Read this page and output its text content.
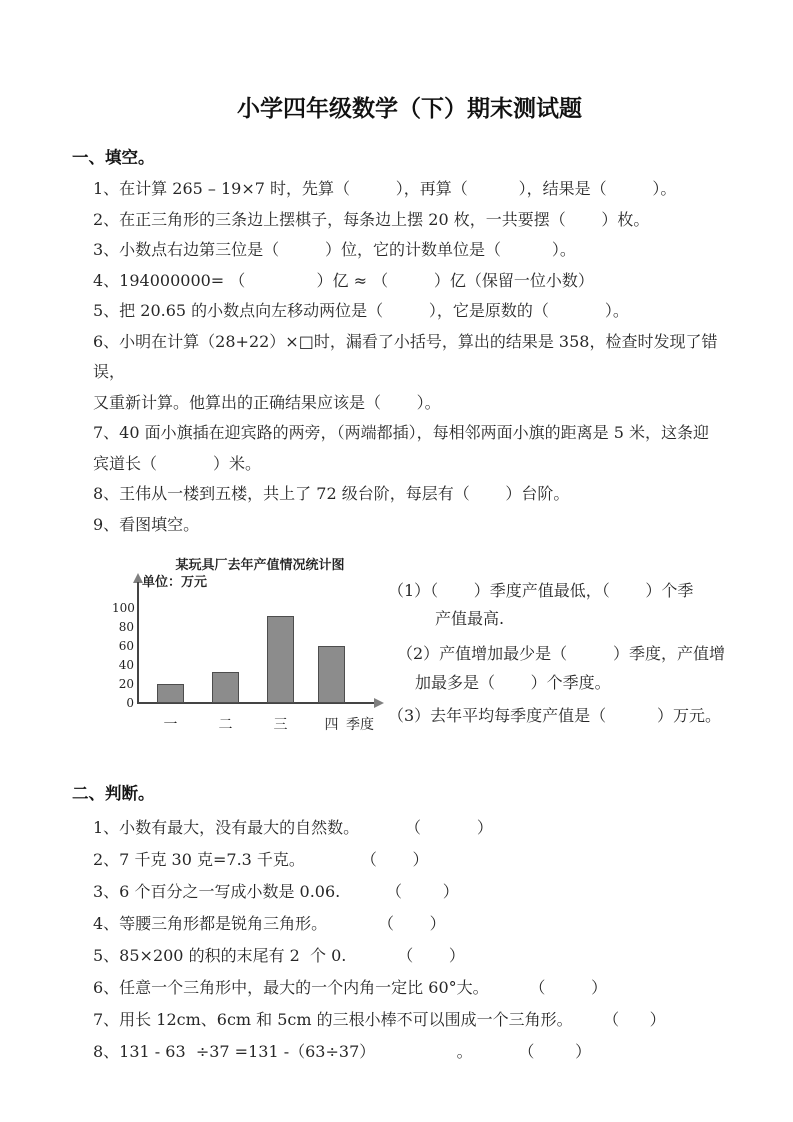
小学四年级数学（下）期末测试题
一、填空。
1、在计算 265 – 19×7 时，先算（         ），再算（          ），结果是（         ）。
2、在正三角形的三条边上摆棋子，每条边上摆 20 枚，一共要摆（       ）枚。
3、小数点右边第三位是（         ）位，它的计数单位是（          ）。
4、194000000= （              ）亿 ≈ （         ）亿（保留一位小数）
5、把 20.65 的小数点向左移动两位是（         ），它是原数的（           ）。
6、小明在计算（28+22）×□时，漏看了小括号，算出的结果是 358，检查时发现了错误，
又重新计算。他算出的正确结果应该是（       ）。
7、40 面小旗插在迎宾路的两旁，（两端都插），每相邻两面小旗的距离是 5 米，这条迎
宾道长（           ）米。
8、王伟从一楼到五楼，共上了 72 级台阶，每层有（       ）台阶。
9、看图填空。
某玩具厂去年产值情况统计图
单位：万元
100
80
60
40
20
0
一	二	三	四 季度
（1）（       ）季度产值最低，（       ）个季
产值最高.
（2）产值增加最少是（         ）季度，产值增
加最多是（       ）个季度。
（3）去年平均每季度产值是（          ）万元。
二、判断。
1、小数有最大，没有最大的自然数。         （           ）
2、7 千克 30 克=7.3 千克。           （       ）
3、6 个百分之一写成小数是 0.06.         （        ）
4、等腰三角形都是锐角三角形。          （       ）
5、85×200 的积的末尾有 2  个 0.          （       ）
6、任意一个三角形中，最大的一个内角一定比 60°大。        （         ）
7、用长 12cm、6cm 和 5cm 的三根小棒不可以围成一个三角形。      （      ）
8、131 - 63  ÷37 =131 -（63÷37）                。         （        ）
